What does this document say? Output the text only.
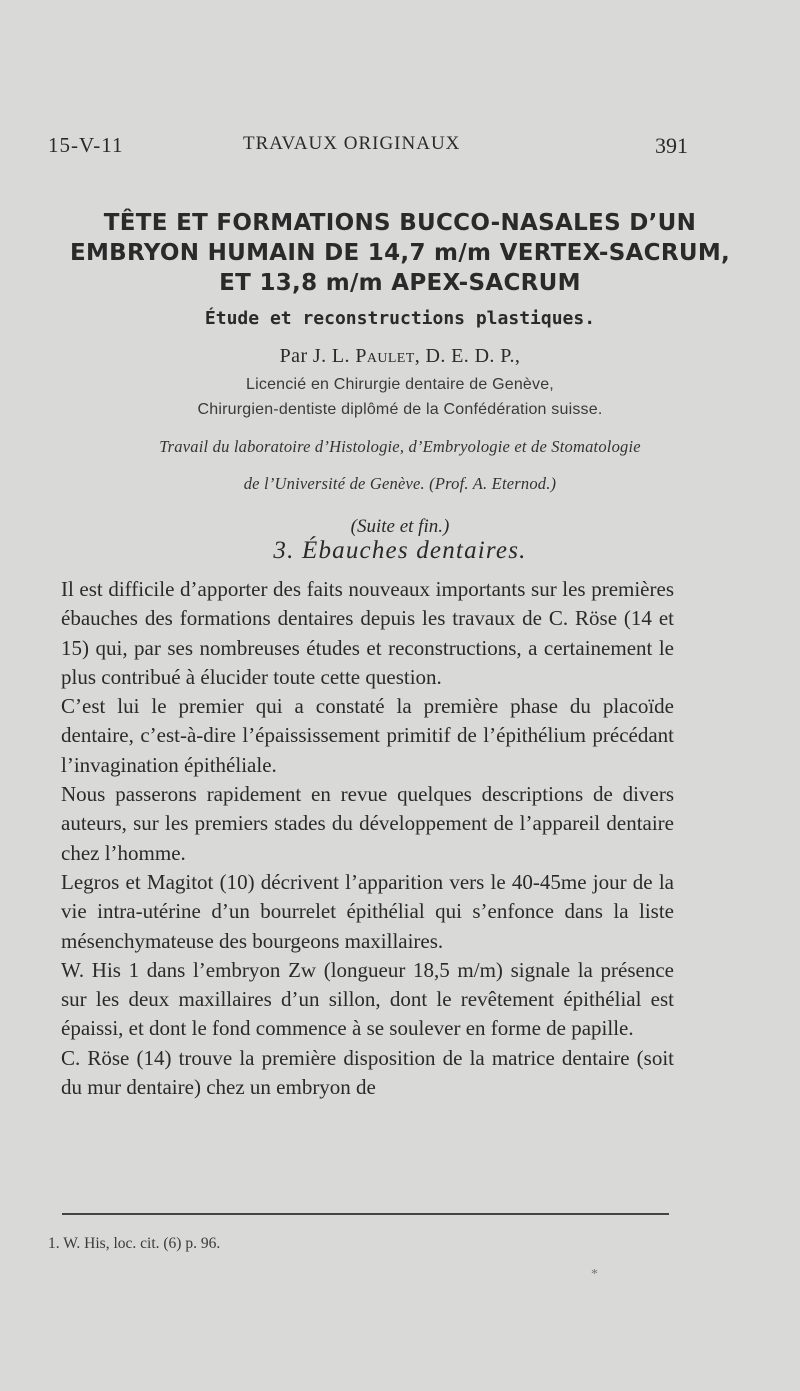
15-V-11	TRAVAUX ORIGINAUX	391
TÊTE ET FORMATIONS BUCCO-NASALES D’UN
EMBRYON HUMAIN DE 14,7 m/m VERTEX-SACRUM,
ET 13,8 m/m APEX-SACRUM
Étude et reconstructions plastiques.
Par J. L. Paulet, D. E. D. P.,
Licencié en Chirurgie dentaire de Genève,
Chirurgien-dentiste diplômé de la Confédération suisse.
Travail du laboratoire d’Histologie, d’Embryologie et de Stomatologie
de l’Université de Genève. (Prof. A. Eternod.)
(Suite et fin.)
3. Ébauches dentaires.

Il est difficile d’apporter des faits nouveaux importants sur les premières ébauches des formations dentaires depuis les travaux de C. Röse (14 et 15) qui, par ses nombreuses études et reconstructions, a certainement le plus contribué à élucider toute cette question.

C’est lui le premier qui a constaté la première phase du placoïde dentaire, c’est-à-dire l’épaississement primitif de l’épithélium précédant l’invagination épithéliale.

Nous passerons rapidement en revue quelques descriptions de divers auteurs, sur les premiers stades du développement de l’appareil dentaire chez l’homme.

Legros et Magitot (10) décrivent l’apparition vers le 40-45me jour de la vie intra-utérine d’un bourrelet épithélial qui s’enfonce dans la liste mésenchymateuse des bourgeons maxillaires.

W. His 1 dans l’embryon Zw (longueur 18,5 m/m) signale la présence sur les deux maxillaires d’un sillon, dont le revêtement épithélial est épaissi, et dont le fond commence à se soulever en forme de papille.

C. Röse (14) trouve la première disposition de la matrice dentaire (soit du mur dentaire) chez un embryon de

1. W. His, loc. cit. (6) p. 96.
*
